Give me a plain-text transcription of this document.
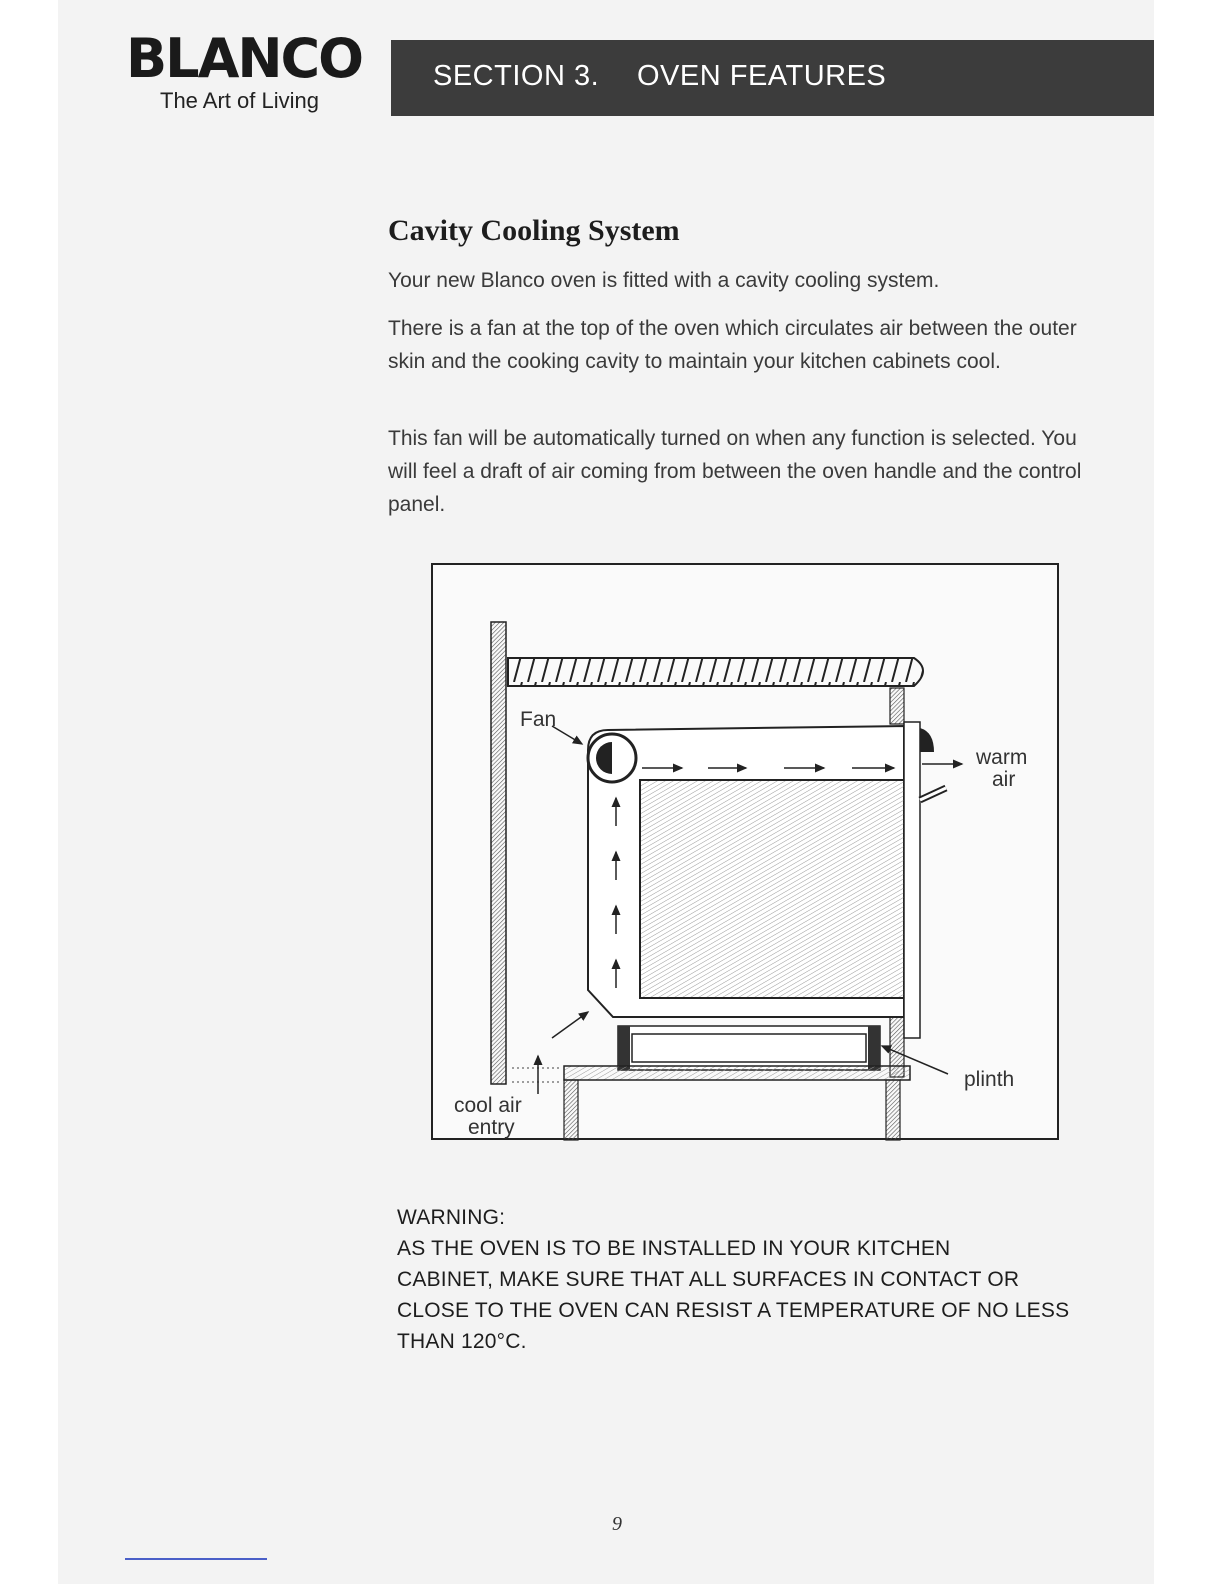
BLANCO
The Art of Living
SECTION 3. OVEN FEATURES
Cavity Cooling System

Your new Blanco oven is fitted with a cavity cooling system.

There is a fan at the top of the oven which circulates air between the outer skin and the cooking cavity to maintain your kitchen cabinets cool.

This fan will be automatically turned on when any function is selected. You will feel a draft of air coming from between the oven handle and the control panel.

Fan
warm
air
plinth
cool air
entry
WARNING:
AS THE OVEN IS TO BE INSTALLED IN YOUR KITCHEN
CABINET, MAKE SURE THAT ALL SURFACES IN CONTACT OR
CLOSE TO THE OVEN CAN RESIST A TEMPERATURE OF NO LESS
THAN 120°C.
9
